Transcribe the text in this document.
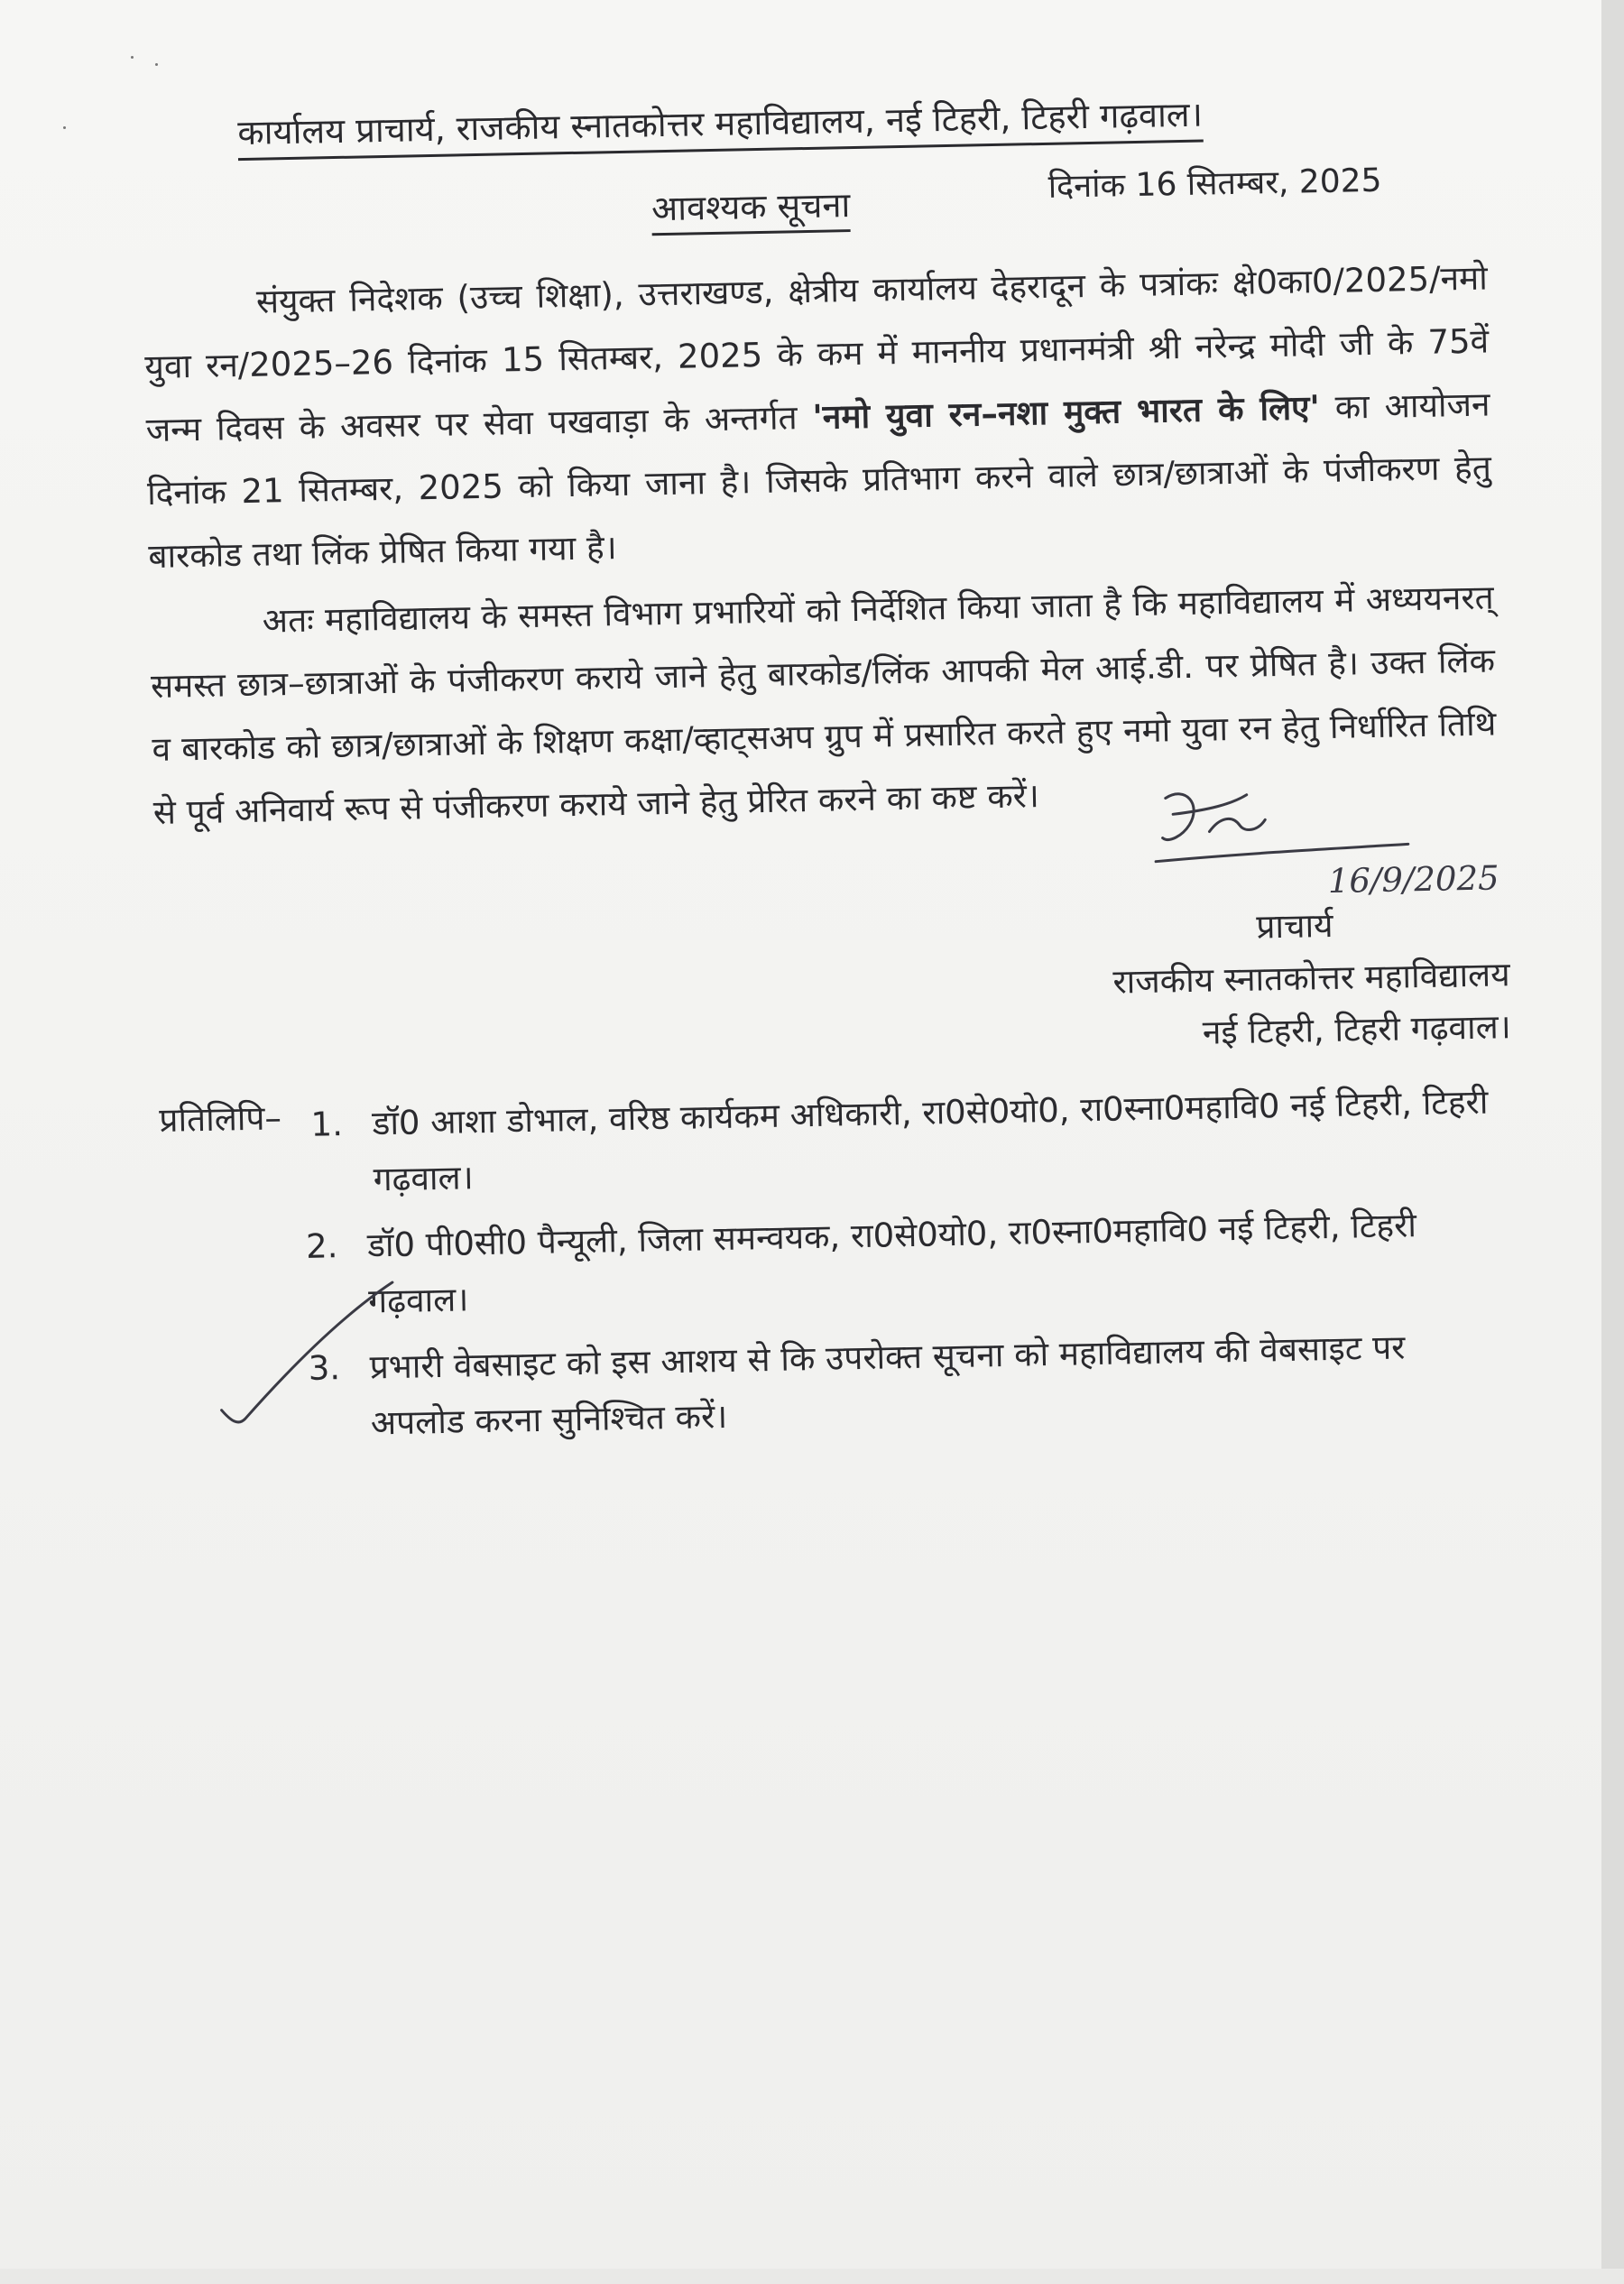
कार्यालय प्राचार्य, राजकीय स्नातकोत्तर महाविद्यालय, नई टिहरी, टिहरी गढ़वाल।
आवश्यक सूचना
दिनांक 16 सितम्बर, 2025
संयुक्त निदेशक (उच्च शिक्षा), उत्तराखण्ड, क्षेत्रीय कार्यालय देहरादून के पत्रांकः क्षे0का0/2025/नमो युवा रन/2025–26 दिनांक 15 सितम्बर, 2025 के कम में माननीय प्रधानमंत्री श्री नरेन्द्र मोदी जी के 75वें जन्म दिवस के अवसर पर सेवा पखवाड़ा के अन्तर्गत 'नमो युवा रन–नशा मुक्त भारत के लिए' का आयोजन दिनांक 21 सितम्बर, 2025 को किया जाना है। जिसके प्रतिभाग करने वाले छात्र/छात्राओं के पंजीकरण हेतु बारकोड तथा लिंक प्रेषित किया गया है।
अतः महाविद्यालय के समस्त विभाग प्रभारियों को निर्देशित किया जाता है कि महाविद्यालय में अध्ययनरत् समस्त छात्र–छात्राओं के पंजीकरण कराये जाने हेतु बारकोड/लिंक आपकी मेल आई.डी. पर प्रेषित है। उक्त लिंक व बारकोड को छात्र/छात्राओं के शिक्षण कक्षा/व्हाट्सअप ग्रुप में प्रसारित करते हुए नमो युवा रन हेतु निर्धारित तिथि से पूर्व अनिवार्य रूप से पंजीकरण कराये जाने हेतु प्रेरित करने का कष्ट करें।
16/9/2025
प्राचार्य
राजकीय स्नातकोत्तर महाविद्यालय
नई टिहरी, टिहरी गढ़वाल।
प्रतिलिपि– 1. डॉ0 आशा डोभाल, वरिष्ठ कार्यकम अधिकारी, रा0से0यो0, रा0स्ना0महावि0 नई टिहरी, टिहरी गढ़वाल।
2. डॉ0 पी0सी0 पैन्यूली, जिला समन्वयक, रा0से0यो0, रा0स्ना0महावि0 नई टिहरी, टिहरी गढ़वाल।
3. प्रभारी वेबसाइट को इस आशय से कि उपरोक्त सूचना को महाविद्यालय की वेबसाइट पर अपलोड करना सुनिश्चित करें।
